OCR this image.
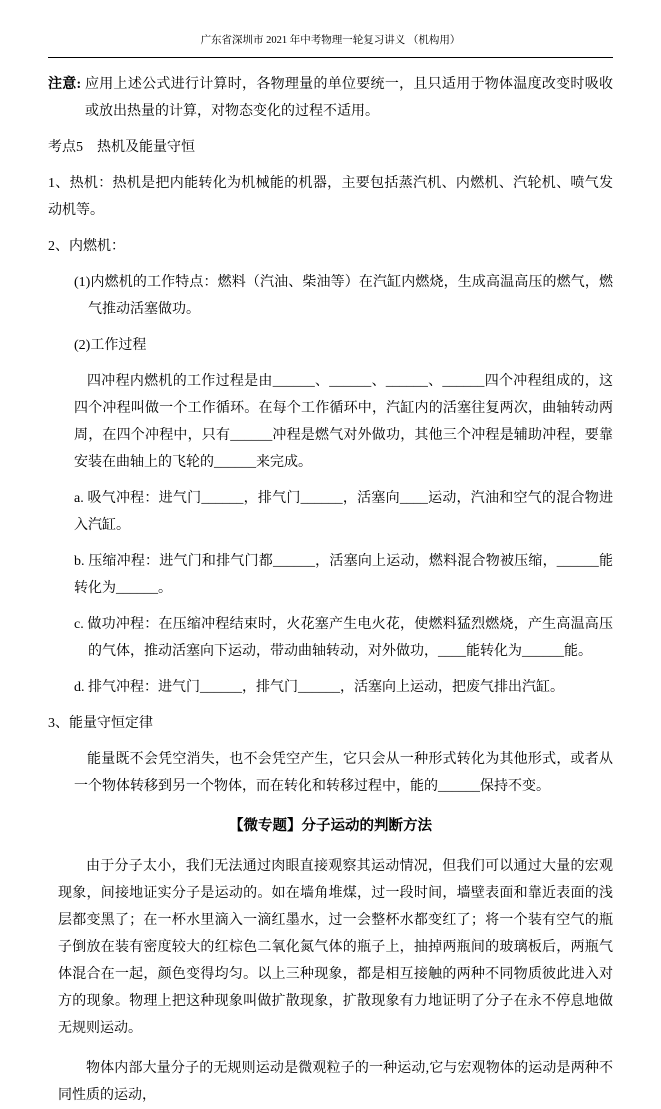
广东省深圳市 2021 年中考物理一轮复习讲义 （机构用）

注意: 应用上述公式进行计算时，各物理量的单位要统一，且只适用于物体温度改变时吸收或放出热量的计算，对物态变化的过程不适用。

考点5　热机及能量守恒

1、热机：热机是把内能转化为机械能的机器，主要包括蒸汽机、内燃机、汽轮机、喷气发动机等。

2、内燃机：

(1)内燃机的工作特点：燃料（汽油、柴油等）在汽缸内燃烧，生成高温高压的燃气，燃气推动活塞做功。

(2)工作过程

四冲程内燃机的工作过程是由______、______、______、______四个冲程组成的，这四个冲程叫做一个工作循环。在每个工作循环中，汽缸内的活塞往复两次，曲轴转动两周，在四个冲程中，只有______冲程是燃气对外做功，其他三个冲程是辅助冲程，要靠安装在曲轴上的飞轮的______来完成。

a. 吸气冲程：进气门______，排气门______，活塞向____运动，汽油和空气的混合物进入汽缸。

b. 压缩冲程：进气门和排气门都______，活塞向上运动，燃料混合物被压缩，______能转化为______。

c. 做功冲程：在压缩冲程结束时，火花塞产生电火花，使燃料猛烈燃烧，产生高温高压的气体，推动活塞向下运动，带动曲轴转动，对外做功，____能转化为______能。

d. 排气冲程：进气门______，排气门______，活塞向上运动，把废气排出汽缸。

3、能量守恒定律

能量既不会凭空消失，也不会凭空产生，它只会从一种形式转化为其他形式，或者从一个物体转移到另一个物体，而在转化和转移过程中，能的______保持不变。

【微专题】分子运动的判断方法

由于分子太小，我们无法通过肉眼直接观察其运动情况，但我们可以通过大量的宏观现象，间接地证实分子是运动的。如在墙角堆煤，过一段时间，墙壁表面和靠近表面的浅层都变黑了；在一杯水里滴入一滴红墨水，过一会整杯水都变红了；将一个装有空气的瓶子倒放在装有密度较大的红棕色二氧化氮气体的瓶子上，抽掉两瓶间的玻璃板后，两瓶气体混合在一起，颜色变得均匀。以上三种现象，都是相互接触的两种不同物质彼此进入对方的现象。物理上把这种现象叫做扩散现象，扩散现象有力地证明了分子在永不停息地做无规则运动。

物体内部大量分子的无规则运动是微观粒子的一种运动,它与宏观物体的运动是两种不同性质的运动，
